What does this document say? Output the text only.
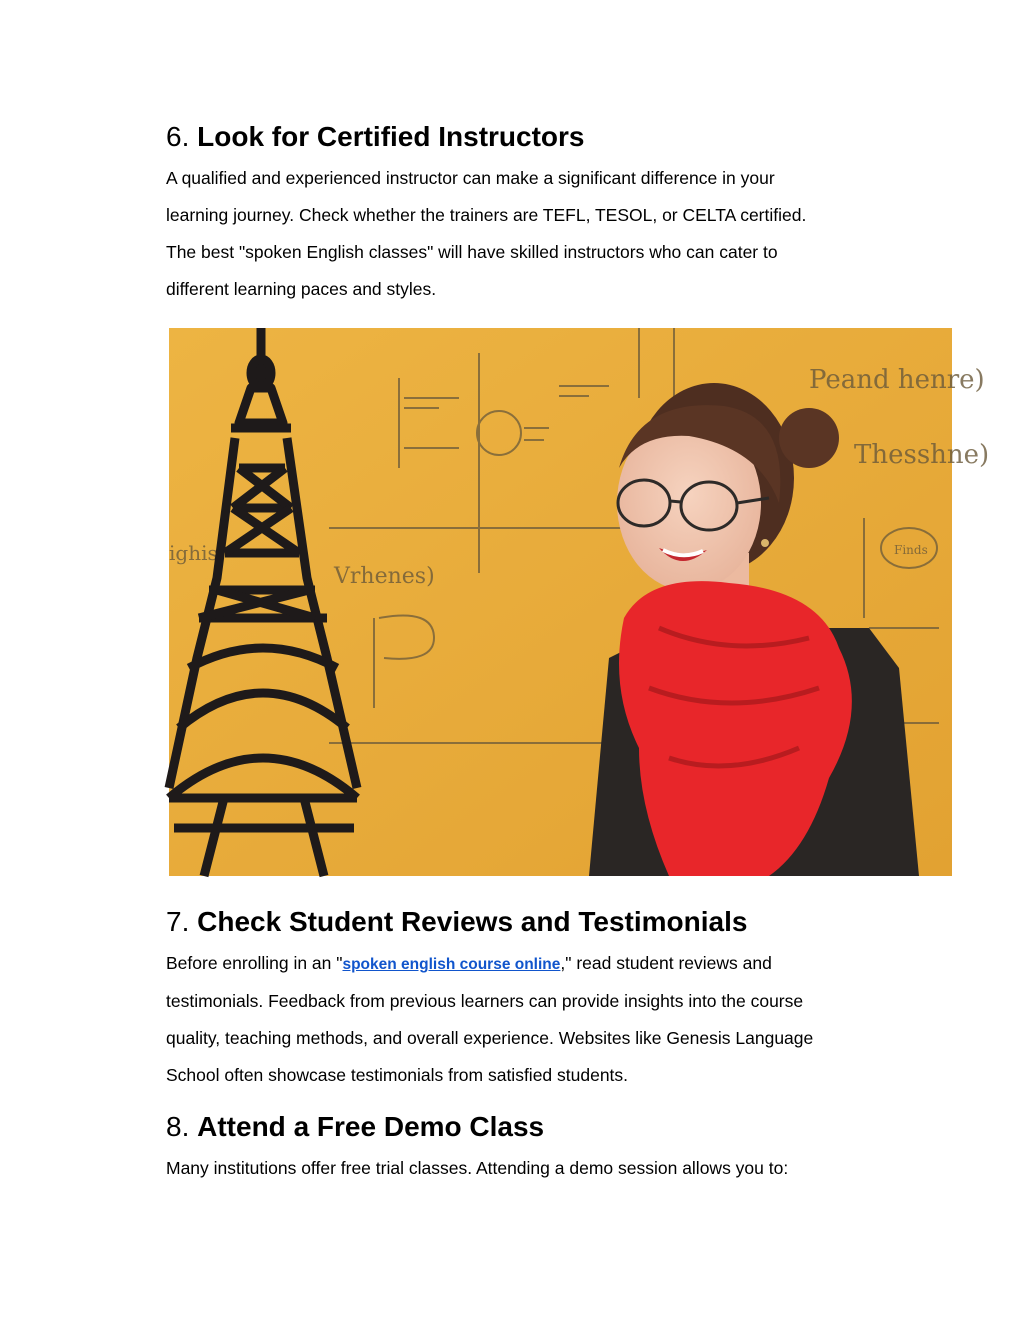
6. Look for Certified Instructors

A qualified and experienced instructor can make a significant difference in your
learning journey. Check whether the trainers are TEFL, TESOL, or CELTA certified.
The best "spoken English classes" will have skilled instructors who can cater to
different learning paces and styles.

Peand henre)
Thesshne)
ighis
Vrhenes)
Finds
7. Check Student Reviews and Testimonials

Before enrolling in an "spoken english course online," read student reviews and
testimonials. Feedback from previous learners can provide insights into the course
quality, teaching methods, and overall experience. Websites like Genesis Language
School often showcase testimonials from satisfied students.

8. Attend a Free Demo Class

Many institutions offer free trial classes. Attending a demo session allows you to:
